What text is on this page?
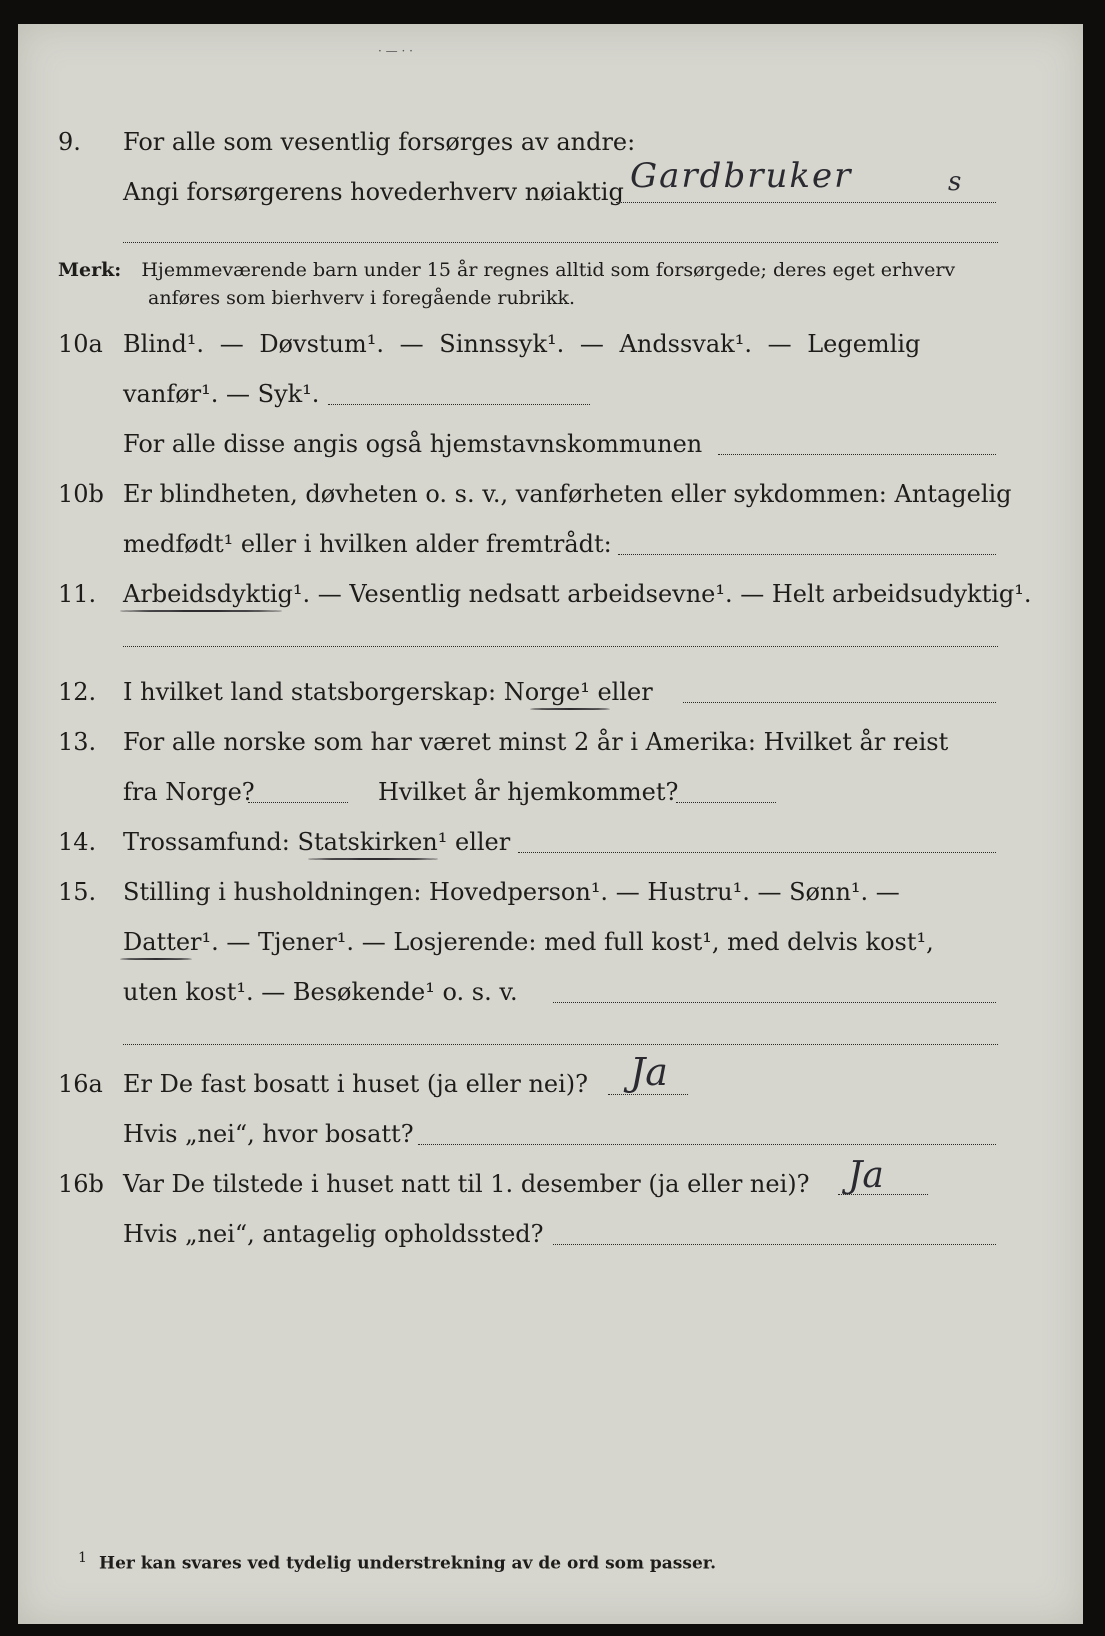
· — · ·
9. For alle som vesentlig forsørges av andre:
Angi forsørgerens hovederhverv nøiaktig Gardbruker	s
Merk: Hjemmeværende barn under 15 år regnes alltid som forsørgede; deres eget erhverv
anføres som bierhverv i foregående rubrikk.
10a Blind¹. — Døvstum¹. — Sinnssyk¹. — Andssvak¹. — Legemlig
vanfør¹. — Syk¹.
For alle disse angis også hjemstavnskommunen
10b Er blindheten, døvheten o. s. v., vanførheten eller sykdommen: Antagelig
medfødt¹ eller i hvilken alder fremtrådt:
11. Arbeidsdyktig¹. — Vesentlig nedsatt arbeidsevne¹. — Helt arbeidsudyktig¹.
12. I hvilket land statsborgerskap: Norge¹ eller
13. For alle norske som har været minst 2 år i Amerika: Hvilket år reist
fra Norge?	Hvilket år hjemkommet?
14. Trossamfund: Statskirken¹ eller
15. Stilling i husholdningen: Hovedperson¹. — Hustru¹. — Sønn¹. —
Datter¹. — Tjener¹. — Losjerende: med full kost¹, med delvis kost¹,
uten kost¹. — Besøkende¹ o. s. v.
16a Er De fast bosatt i huset (ja eller nei)? Ja
Hvis „nei“, hvor bosatt?
16b Var De tilstede i huset natt til 1. desember (ja eller nei)? Ja
Hvis „nei“, antagelig opholdssted?
$^1$ Her kan svares ved tydelig understrekning av de ord som passer.
